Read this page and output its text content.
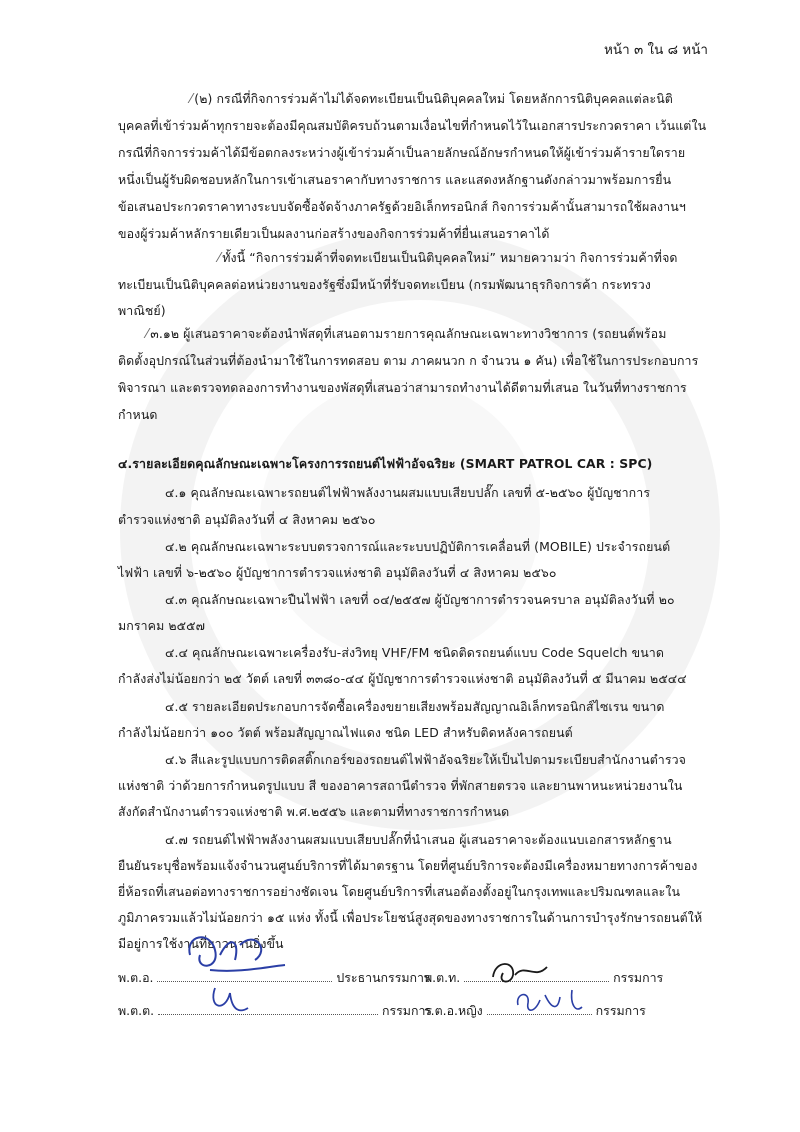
หน้า ๓ ใน ๘ หน้า
⁄ (๒) กรณีที่กิจการร่วมค้าไม่ได้จดทะเบียนเป็นนิติบุคคลใหม่ โดยหลักการนิติบุคคลแต่ละนิติ
บุคคลที่เข้าร่วมค้าทุกรายจะต้องมีคุณสมบัติครบถ้วนตามเงื่อนไขที่กำหนดไว้ในเอกสารประกวดราคา เว้นแต่ใน
กรณีที่กิจการร่วมค้าได้มีข้อตกลงระหว่างผู้เข้าร่วมค้าเป็นลายลักษณ์อักษรกำหนดให้ผู้เข้าร่วมค้ารายใดราย
หนึ่งเป็นผู้รับผิดชอบหลักในการเข้าเสนอราคากับทางราชการ และแสดงหลักฐานดังกล่าวมาพร้อมการยื่น
ข้อเสนอประกวดราคาทางระบบจัดซื้อจัดจ้างภาครัฐด้วยอิเล็กทรอนิกส์ กิจการร่วมค้านั้นสามารถใช้ผลงานฯ
ของผู้ร่วมค้าหลักรายเดียวเป็นผลงานก่อสร้างของกิจการร่วมค้าที่ยื่นเสนอราคาได้
⁄ ทั้งนี้ “กิจการร่วมค้าที่จดทะเบียนเป็นนิติบุคคลใหม่” หมายความว่า กิจการร่วมค้าที่จด
ทะเบียนเป็นนิติบุคคลต่อหน่วยงานของรัฐซึ่งมีหน้าที่รับจดทะเบียน (กรมพัฒนาธุรกิจการค้า กระทรวง
พาณิชย์)
⁄ ๓.๑๒ ผู้เสนอราคาจะต้องนำพัสดุที่เสนอตามรายการคุณลักษณะเฉพาะทางวิชาการ (รถยนต์พร้อม
ติดตั้งอุปกรณ์ในส่วนที่ต้องนำมาใช้ในการทดสอบ ตาม ภาคผนวก ก จำนวน ๑ คัน) เพื่อใช้ในการประกอบการ
พิจารณา และตรวจทดลองการทำงานของพัสดุที่เสนอว่าสามารถทำงานได้ดีตามที่เสนอ ในวันที่ทางราชการ
กำหนด
๔.รายละเอียดคุณลักษณะเฉพาะโครงการรถยนต์ไฟฟ้าอัจฉริยะ (SMART PATROL CAR : SPC)
๔.๑ คุณลักษณะเฉพาะรถยนต์ไฟฟ้าพลังงานผสมแบบเสียบปลั๊ก เลขที่ ๕-๒๕๖๐ ผู้บัญชาการ
ตำรวจแห่งชาติ อนุมัติลงวันที่ ๔ สิงหาคม ๒๕๖๐
๔.๒ คุณลักษณะเฉพาะระบบตรวจการณ์และระบบปฏิบัติการเคลื่อนที่ (MOBILE) ประจำรถยนต์
ไฟฟ้า เลขที่ ๖-๒๕๖๐ ผู้บัญชาการตำรวจแห่งชาติ อนุมัติลงวันที่ ๔ สิงหาคม ๒๕๖๐
๔.๓ คุณลักษณะเฉพาะปืนไฟฟ้า เลขที่ ๐๔/๒๕๕๗ ผู้บัญชาการตำรวจนครบาล อนุมัติลงวันที่ ๒๐
มกราคม ๒๕๕๗
๔.๔ คุณลักษณะเฉพาะเครื่องรับ-ส่งวิทยุ VHF/FM ชนิดติดรถยนต์แบบ Code Squelch ขนาด
กำลังส่งไม่น้อยกว่า ๒๕ วัตต์ เลขที่ ๓๓๘๐-๔๔ ผู้บัญชาการตำรวจแห่งชาติ อนุมัติลงวันที่ ๕ มีนาคม ๒๕๔๔
๔.๕ รายละเอียดประกอบการจัดซื้อเครื่องขยายเสียงพร้อมสัญญาณอิเล็กทรอนิกส์ไซเรน ขนาด
กำลังไม่น้อยกว่า ๑๐๐ วัตต์ พร้อมสัญญาณไฟแดง ชนิด LED สำหรับติดหลังคารถยนต์
๔.๖ สีและรูปแบบการติดสติ๊กเกอร์ของรถยนต์ไฟฟ้าอัจฉริยะให้เป็นไปตามระเบียบสำนักงานตำรวจ
แห่งชาติ ว่าด้วยการกำหนดรูปแบบ สี ของอาคารสถานีตำรวจ ที่พักสายตรวจ และยานพาหนะหน่วยงานใน
สังกัดสำนักงานตำรวจแห่งชาติ พ.ศ.๒๕๕๖ และตามที่ทางราชการกำหนด
๔.๗ รถยนต์ไฟฟ้าพลังงานผสมแบบเสียบปลั๊กที่นำเสนอ ผู้เสนอราคาจะต้องแนบเอกสารหลักฐาน
ยืนยันระบุชื่อพร้อมแจ้งจำนวนศูนย์บริการที่ได้มาตรฐาน โดยที่ศูนย์บริการจะต้องมีเครื่องหมายทางการค้าของ
ยี่ห้อรถที่เสนอต่อทางราชการอย่างชัดเจน โดยศูนย์บริการที่เสนอต้องตั้งอยู่ในกรุงเทพและปริมณฑลและใน
ภูมิภาครวมแล้วไม่น้อยกว่า ๑๕ แห่ง ทั้งนี้ เพื่อประโยชน์สูงสุดของทางราชการในด้านการบำรุงรักษารถยนต์ให้
มีอยู่การใช้งานที่ยาวนานยิ่งขึ้น
พ.ต.อ.	ประธานกรรมการ
พ.ต.ท.	กรรมการ
พ.ต.ต.	กรรมการ
ร.ต.อ.หญิง	กรรมการ
